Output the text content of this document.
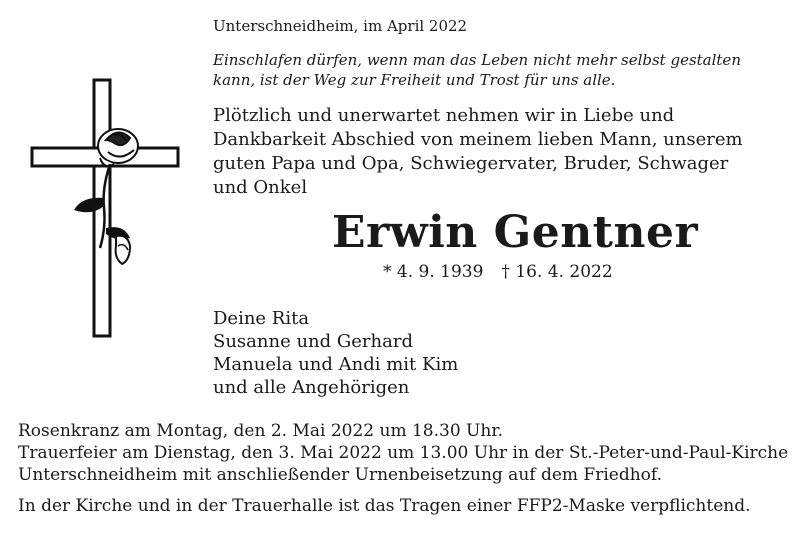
Unterschneidheim, im April 2022
Einschlafen dürfen, wenn man das Leben nicht mehr selbst gestalten
kann, ist der Weg zur Freiheit und Trost für uns alle.
Plötzlich und unerwartet nehmen wir in Liebe und
Dankbarkeit Abschied von meinem lieben Mann, unserem
guten Papa und Opa, Schwiegervater, Bruder, Schwager
und Onkel
Erwin Gentner
* 4. 9. 1939 † 16. 4. 2022
Deine Rita
Susanne und Gerhard
Manuela und Andi mit Kim
und alle Angehörigen
Rosenkranz am Montag, den 2. Mai 2022 um 18.30 Uhr.
Trauerfeier am Dienstag, den 3. Mai 2022 um 13.00 Uhr in der St.-Peter-und-Paul-Kirche
Unterschneidheim mit anschließender Urnenbeisetzung auf dem Friedhof.
In der Kirche und in der Trauerhalle ist das Tragen einer FFP2-Maske verpflichtend.
